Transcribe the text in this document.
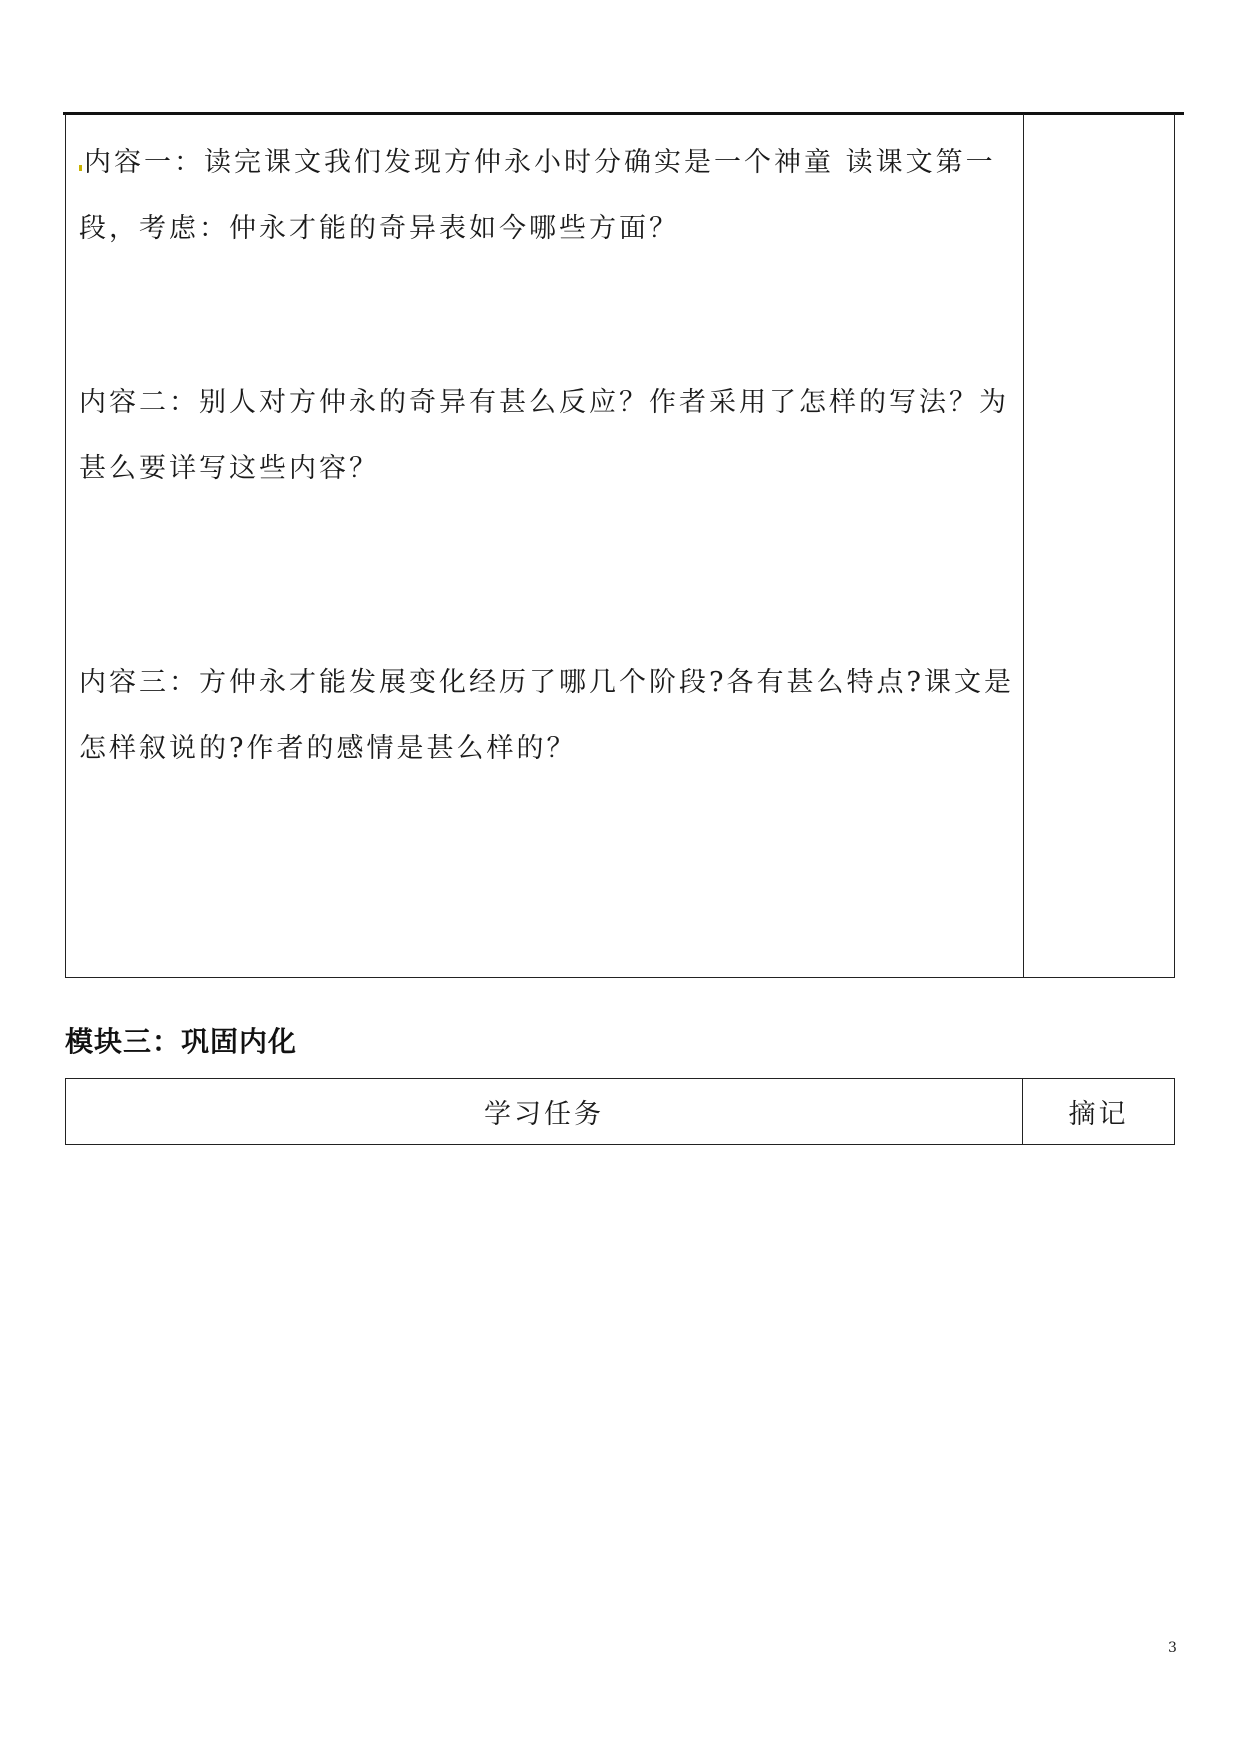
内容一：读完课文我们发现方仲永小时分确实是一个神童 读课文第一
段，考虑：仲永才能的奇异表如今哪些方面？
内容二：别人对方仲永的奇异有甚么反应？作者采用了怎样的写法？为
甚么要详写这些内容？
内容三：方仲永才能发展变化经历了哪几个阶段?各有甚么特点?课文是
怎样叙说的?作者的感情是甚么样的？
模块三：巩固内化
学习任务	摘记
3
